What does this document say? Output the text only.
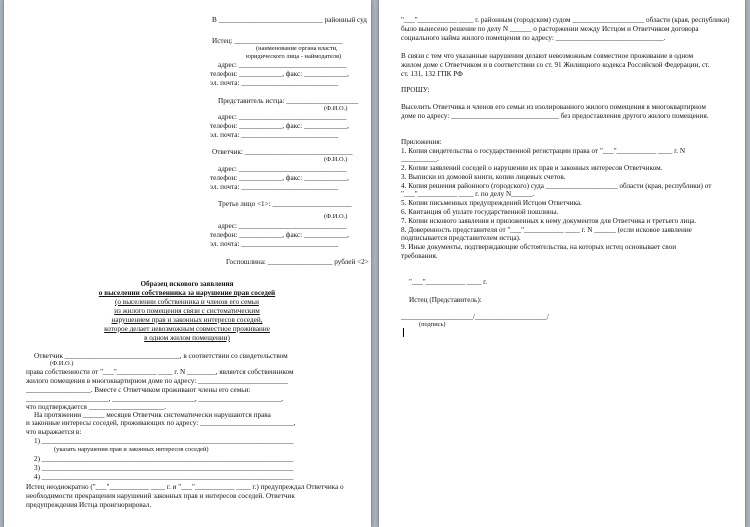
В _____________________________ районный суд
Истец: ______________________________
(наименование органа власти,
юридического лица - наймодателя)
адрес: ______________________________
телефон: ____________, факс: ____________,
эл. почта: ___________________________
Представитель истца: ____________________
(Ф.И.О.)
адрес: ______________________________
телефон: ____________, факс: ____________,
эл. почта: ___________________________
Ответчик: ______________________________
(Ф.И.О.)
адрес: ______________________________
телефон: ____________, факс: ____________,
эл. почта: ___________________________
Третье лицо <1>: ______________________
(Ф.И.О.)
адрес: ______________________________
телефон: ____________, факс: ____________,
эл. почта: ___________________________
Госпошлина: __________________ рублей <2>
Образец искового заявления
о выселении собственника за нарушение прав соседей
(о выселении собственника и членов его семьи
из жилого помещения связи с систематическим
нарушением прав и законных интересов соседей,
которое делает невозможным совместное проживание
в одном жилом помещении)
Ответчик ________________________________, в соответствии со свидетельством
(Ф.И.О.)
права собственности от "___"___________ ____ г. N ________, является собственником
жилого помещения в многоквартирном доме по адресу: _________________________
__________________. Вместе с Ответчиком проживают члены его семьи:
_______________________, _______________________, _______________________,
что подтверждается _____________________.
На протяжении ______ месяцев Ответчик систематически нарушаются права
и законные интересы соседей, проживающих по адресу: __________________________,
что выражается в:
1) ______________________________________________________________________
(указать нарушения прав и законных интересов соседей)
2) ______________________________________________________________________
3) ______________________________________________________________________
4) ______________________________________________________________________
Истец неоднократно ("___"___________ ____ г. и "___"___________ ____ г.) предупреждал Ответчика о
необходимости прекращения нарушений законных прав и интересов соседей. Ответчик
предупреждения Истца проигнорировал.
"___"___________ ____ г. районным (городским) судом ____________________ области (края, республики)
было вынесено решение по делу N ______ о расторжении между Истцом и Ответчиком договора
социального найма жилого помещения по адресу: ______________________________.
В связи с тем что указанные нарушения делают невозможным совместное проживание в одном
жилом доме с Ответчиком и в соответствии со ст. 91 Жилищного кодекса Российской Федерации, ст.
ст. 131, 132 ГПК РФ
ПРОШУ:
Выселить Ответчика и членов его семьи из изолированного жилого помещения в многоквартирном
доме по адресу: ______________________________ без предоставления другого жилого помещения.
Приложения:
1. Копия свидетельства о государственной регистрации права от "___"___________ ____ г. N
__________.
2. Копии заявлений соседей о нарушении их прав и законных интересов Ответчиком.
3. Выписки из домовой книги, копии лицевых счетов.
4. Копия решения районного (городского) суда ____________________ области (края, республики) от
"___"___________ ____ г. по делу N______.
5. Копии письменных предупреждений Истцом Ответчика.
6. Квитанция об уплате государственной пошлины.
7. Копии искового заявления и приложенных к нему документов для Ответчика и третьего лица.
8. Доверенность представителя от "___"___________ ____ г. N ______ (если исковое заявление
подписывается представителем истца).
9. Иные документы, подтверждающие обстоятельства, на которых истец основывает свои
требования.
"___"___________ ____ г.
Истец (Представитель):
____________________/____________________/
(подпись)
